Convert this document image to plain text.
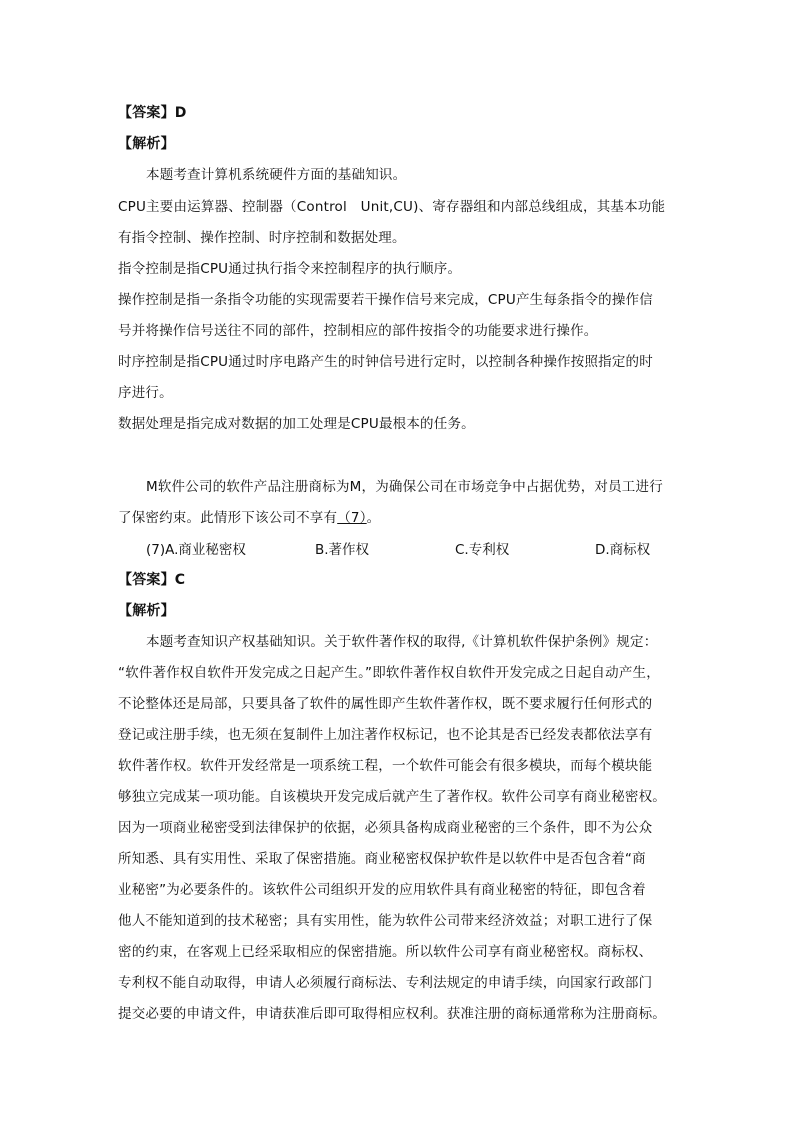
【答案】D
【解析】
本题考查计算机系统硬件方面的基础知识。
CPU主要由运算器、控制器（Control　Unit,CU)、寄存器组和内部总线组成，其基本功能
有指令控制、操作控制、时序控制和数据处理。
指令控制是指CPU通过执行指令来控制程序的执行顺序。
操作控制是指一条指令功能的实现需要若干操作信号来完成，CPU产生每条指令的操作信
号并将操作信号送往不同的部件，控制相应的部件按指令的功能要求进行操作。
时序控制是指CPU通过时序电路产生的时钟信号进行定时，以控制各种操作按照指定的时
序进行。
数据处理是指完成对数据的加工处理是CPU最根本的任务。
M软件公司的软件产品注册商标为M，为确保公司在市场竞争中占据优势，对员工进行
了保密约束。此情形下该公司不享有（7）。
(7)A.商业秘密权	B.著作权	C.专利权	D.商标权
【答案】C
【解析】
本题考查知识产权基础知识。关于软件著作权的取得,《计算机软件保护条例》规定：
“软件著作权自软件开发完成之日起产生。”即软件著作权自软件开发完成之日起自动产生，
不论整体还是局部，只要具备了软件的属性即产生软件著作权，既不要求履行任何形式的
登记或注册手续，也无须在复制件上加注著作权标记，也不论其是否已经发表都依法享有
软件著作权。软件开发经常是一项系统工程，一个软件可能会有很多模块，而每个模块能
够独立完成某一项功能。自该模块开发完成后就产生了著作权。软件公司享有商业秘密权。
因为一项商业秘密受到法律保护的依据，必须具备构成商业秘密的三个条件，即不为公众
所知悉、具有实用性、采取了保密措施。商业秘密权保护软件是以软件中是否包含着“商
业秘密”为必要条件的。该软件公司组织开发的应用软件具有商业秘密的特征，即包含着
他人不能知道到的技术秘密；具有实用性，能为软件公司带来经济效益；对职工进行了保
密的约束，在客观上已经采取相应的保密措施。所以软件公司享有商业秘密权。商标权、
专利权不能自动取得，申请人必须履行商标法、专利法规定的申请手续，向国家行政部门
提交必要的申请文件，申请获准后即可取得相应权利。获准注册的商标通常称为注册商标。
